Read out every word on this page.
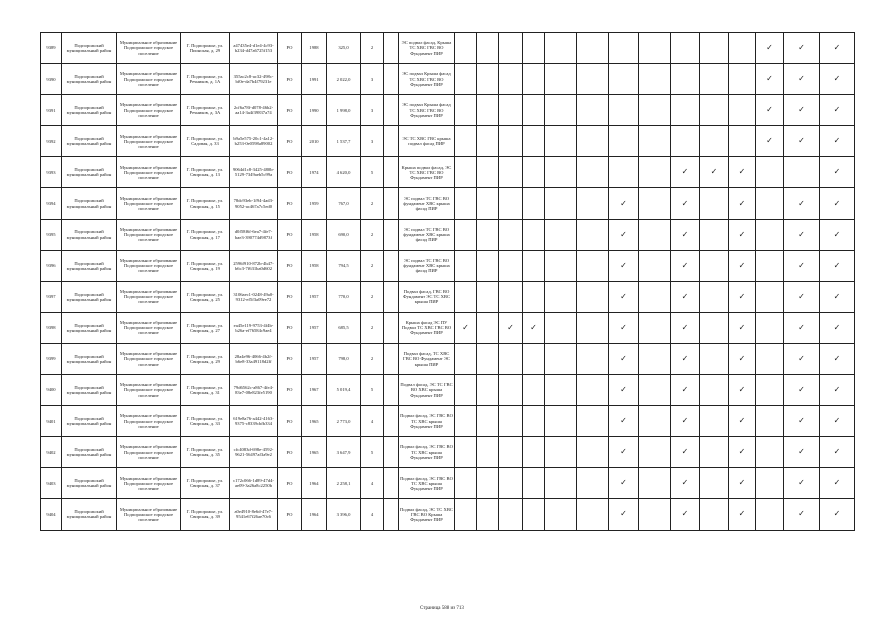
9389	Подпорожский муниципальный район	Муниципальное образование Подпорожское городское поселение	Г. Подпорожье, ул. Пионская, д. 29	a47435e4-d1e4-4c93-b234-d47a6725f153	РО	1988	325,0	2		ЭС подвал фасад, Крыша ТС ХВС ГВС ВО Фундамент ПИР												✓	✓	✓
9390	Подпорожский муниципальный район	Муниципальное образование Подпорожское городское поселение	Г. Подпорожье, ул. Речников, д. 1А	355ac2c8-ac32-498c-bf0e-da7b4f79231e	РО	1991	2 022,0	3		ЭС подвал Крыша фасад ТС ХВС ГВС ВО Фундамент ПИР												✓	✓	✓
9391	Подпорожский муниципальный район	Муниципальное образование Подпорожское городское поселение	Г. Подпорожье, ул. Речников, д. 3А	2cf6a78f-d078-46b2-aa14-3a4f39837a74	РО	1990	1 998,0	3		ЭС подвал Крыша фасад ТС ХВС ГВС ВО Фундамент ПИР												✓	✓	✓
9392	Подпорожский муниципальный район	Муниципальное образование Подпорожское городское поселение	Г. Подпорожье, ул. Садовая, д. 33	b9a5e575-20c1-4a12-b253-0e0598a89002	РО	2010	1 537,7	3		ЭС ТС ХВС ГВС крыша подвал фасад ПИР												✓	✓	✓
9393	Подпорожский муниципальный район	Муниципальное образование Подпорожское городское поселение	Г. Подпорожье, ул. Свирская, д. 13	9064d1c8-3425-480b-5129-7349aeb5c99a	РО	1974	4 620,0	5		Крыша подвал фасад, ЭС ТС ХВС ГВС ВО Фундамент ПИР									✓	✓	✓			✓
9394	Подпорожский муниципальный район	Муниципальное образование Подпорожское городское поселение	Г. Подпорожье, ул. Свирская, д. 15	78dc93eb-1f94-4ad3-9052-ac467a7c5ed0	РО	1959	767,0	2		ЭС подвал ТС ГВС ВО фундамент ХВС крыша фасад ПИР							✓		✓		✓		✓	✓
9395	Подпорожский муниципальный район	Муниципальное образование Подпорожское городское поселение	Г. Подпорожье, ул. Свирская, д. 17	d0f58f6f-6ea7-4fe7-bae3-390774d9873f	РО	1958	690,0	2		ЭС подвал ТС ГВС ВО фундамент ХВС крыша фасад ПИР							✓		✓		✓		✓	✓
9396	Подпорожский муниципальный район	Муниципальное образование Подпорожское городское поселение	Г. Подпорожье, ул. Свирская, д. 19	2596f910-872b-4b47-b6c3-7f631ba0d602	РО	1958	794,5	2		ЭС подвал ТС ГВС ВО фундамент ХВС крыша фасад ПИР							✓		✓		✓		✓	✓
9397	Подпорожский муниципальный район	Муниципальное образование Подпорожское городское поселение	Г. Подпорожье, ул. Свирская, д. 25	3106aec1-0248-49a0-9312-ef5f3a09ee72	РО	1957	770,0	2		Подвал фасад, ГВС ВО Фундамент ЭС ТС ХВС крыша ПИР							✓		✓		✓		✓	✓
9398	Подпорожский муниципальный район	Муниципальное образование Подпорожское городское поселение	Г. Подпорожье, ул. Свирская, д. 27	ea45e119-9753-4f4b-b26a-ef76584c9ae4	РО	1957	685,5	2		Крыша фасад ЭС ПУ Подвал ТС ХВС ГВС ВО Фундамент ПИР	✓		✓	✓			✓		✓		✓		✓	✓
9399	Подпорожский муниципальный район	Муниципальное образование Подпорожское городское поселение	Г. Подпорожье, ул. Свирская, д. 29	28a4e96-4066-4b2f-b6e8-33a49118d2ff	РО	1957	798,0	2		Подвал фасад, ТС ХВС ГВС ВО Фундамент ЭС крыша ПИР							✓		✓		✓		✓	✓
9400	Подпорожский муниципальный район	Муниципальное образование Подпорожское городское поселение	Г. Подпорожье, ул. Свирская, д. 31	79d6562c-a867-4fe4-83e7-08e823fe5190	РО	1967	5 019,4	5		Подвал фасад, ЭС ТС ГВС ВО ХВС крыша Фундамент ПИР							✓		✓		✓		✓	✓
9401	Подпорожский муниципальный район	Муниципальное образование Подпорожское городское поселение	Г. Подпорожье, ул. Свирская, д. 33	619e8a76-a442-4163-9375-c8339cbfb334	РО	1965	2 773,0	4		Подвал фасад, ЭС ГВС ВО ТС ХВС крыша Фундамент ПИР							✓		✓		✓		✓	✓
9402	Подпорожский муниципальный район	Муниципальное образование Подпорожское городское поселение	Г. Подпорожье, ул. Свирская, д. 35	cfc4083d-698e-4592-9621-56497af3a9e2	РО	1965	3 647,9	5		Подвал фасад, ЭС ГВС ВО ТС ХВС крыша Фундамент ПИР							✓		✓		✓		✓	✓
9403	Подпорожский муниципальный район	Муниципальное образование Подпорожское городское поселение	Г. Подпорожье, ул. Свирская, д. 37	c172c066-1d89-47d4-ae09-3a26a8c2250b	РО	1964	2 258,1	4		Подвал фасад, ЭС ГВС ВО ТС ХВС крыша Фундамент ПИР							✓		✓		✓		✓	✓
9404	Подпорожский муниципальный район	Муниципальное образование Подпорожское городское поселение	Г. Подпорожье, ул. Свирская, д. 39	a0e4910-8e6d-47e7-9541e67f26ae70c6	РО	1964	3 396,0	4		Подвал фасад, ЭС ТС ХВС ГВС ВО Крыша Фундамент ПИР							✓		✓		✓		✓	✓
Страница 588 из 713
